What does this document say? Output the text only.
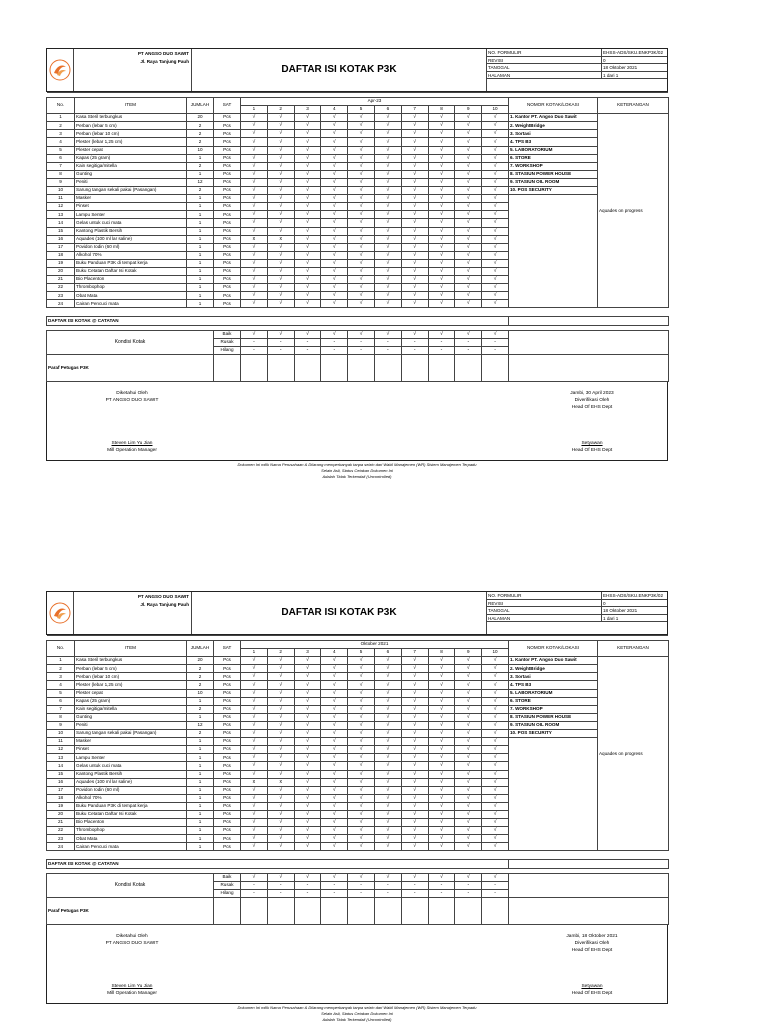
PT ANGSO DUO SAWIT
Jl. Raya Tanjung Pauh
DAFTAR ISI KOTAK P3K
NO. FORMULIR	EHSS-ADS/SKU.ENKP3K/02
REVISI	0
TANGGAL	18 Oktober 2021
HALAMAN	1 dari 1

No.	ITEM	JUMLAH	SAT	Apr-23										NOMOR KOTAK/LOKASI	KETERANGAN
				1	2	3	4	5	6	7	8	9	10		
1	Kasa Steril terbungkus	20	Pcs	√	√	√	√	√	√	√	√	√	√	1. Kantor PT. Angso Duo Sawit	Aquades on progress
2	Perban (lebar 5 cm)	2	Pcs	√	√	√	√	√	√	√	√	√	√	2. WeightBridge	
3	Perban (lebar 10 cm)	2	Pcs	√	√	√	√	√	√	√	√	√	√	3. Sortasi	
4	Plester (lebar 1,25 cm)	2	Pcs	√	√	√	√	√	√	√	√	√	√	4. TPS B3	
5	Plester cepat	10	Pcs	√	√	√	√	√	√	√	√	√	√	5. LABORATORIUM	
6	Kapas (25 gram)	1	Pcs	√	√	√	√	√	√	√	√	√	√	6. STORE	
7	Kain segitiga/mitella	2	Pcs	√	√	√	√	√	√	√	√	√	√	7. WORKSHOP	
8	Gunting	1	Pcs	√	√	√	√	√	√	√	√	√	√	8. STASIUN POWER HOUSE	
9	Peniti	12	Pcs	√	√	√	√	√	√	√	√	√	√	9. STASIUN OIL ROOM	
10	Sarung tangan sekali pakai (Pasangan)	2	Pcs	√	√	√	√	√	√	√	√	√	√	10. POS SECURITY	
11	Masker	1	Pcs	√	√	√	√	√	√	√	√	√	√		
12	Pinset	1	Pcs	√	√	√	√	√	√	√	√	√	√		
13	Lampu Senter	1	Pcs	√	√	√	√	√	√	√	√	√	√		
14	Gelas untuk cuci mata	1	Pcs	√	√	√	√	√	√	√	√	√	√		
15	Kantong Plastik Bersih	1	Pcs	√	√	√	√	√	√	√	√	√	√		
16	Aquades (100 ml lar saline)	1	Pcs	x	x	√	√	√	√	√	√	√	√		
17	Povidon Iodin (60 ml)	1	Pcs	√	√	√	√	√	√	√	√	√	√		
18	Alkohol 70%	1	Pcs	√	√	√	√	√	√	√	√	√	√		
19	Buku Panduan P3K di tempat kerja	1	Pcs	√	√	√	√	√	√	√	√	√	√		
20	Buku Cetatan Daftar Isi Kotak	1	Pcs	√	√	√	√	√	√	√	√	√	√		
21	Bio Placenton	1	Pcs	√	√	√	√	√	√	√	√	√	√		
22	Thrombophop	1	Pcs	√	√	√	√	√	√	√	√	√	√		
23	Obat Mata	1	Pcs	√	√	√	√	√	√	√	√	√	√		
24	Cairan Pencuci mata	1	Pcs	√	√	√	√	√	√	√	√	√	√		

DAFTAR ISI KOTAK @ CATATAN															

Kondisi Kotak			Baik	√	√	√	√	√	√	√	√	√	√		
			Rusak	-	-	-	-	-	-	-	-	-	-		
			Hilang	-	-	-	-	-	-	-	-	-	-		
Paraf Petugas P3K															
Diketahui Oleh
PT ANGSO DUO SAWIT
Steven Lim Yu Jian
Mill Operation Manager
Jambi, 30 April 2023
Diverifikasi Oleh
Head Of EHS Dept
Setyawan
Head Of EHS Dept
Dokumen Ini milik Nama Perusahaan & Dilarang memperbanyak tanpa seizin dari Wakil Manajemen (WR) Sistem Manajemen Terpadu
Selain Asli, Status Cetakan Dokumen Ini
Adalah Tidak Terkendali (Uncontrolled)
PT ANGSO DUO SAWIT
Jl. Raya Tanjung Pauh
DAFTAR ISI KOTAK P3K
NO. FORMULIR	EHSS-ADS/SKU.ENKP3K/02
REVISI	0
TANGGAL	18 Oktober 2021
HALAMAN	1 dari 1

No.	ITEM	JUMLAH	SAT	Oktober 2021										NOMOR KOTAK/LOKASI	KETERANGAN
				1	2	3	4	5	6	7	8	9	10		
1	Kasa Steril terbungkus	20	Pcs	√	√	√	√	√	√	√	√	√	√	1. Kantor PT. Angso Duo Sawit	Aquades on progress
2	Perban (lebar 5 cm)	2	Pcs	√	√	√	√	√	√	√	√	√	√	2. WeightBridge	
3	Perban (lebar 10 cm)	2	Pcs	√	√	√	√	√	√	√	√	√	√	3. Sortasi	
4	Plester (lebar 1,25 cm)	2	Pcs	√	√	√	√	√	√	√	√	√	√	4. TPS B3	
5	Plester cepat	10	Pcs	√	√	√	√	√	√	√	√	√	√	5. LABORATORIUM	
6	Kapas (25 gram)	1	Pcs	√	√	√	√	√	√	√	√	√	√	6. STORE	
7	Kain segitiga/mitella	2	Pcs	√	√	√	√	√	√	√	√	√	√	7. WORKSHOP	
8	Gunting	1	Pcs	√	√	√	√	√	√	√	√	√	√	8. STASIUN POWER HOUSE	
9	Peniti	12	Pcs	√	√	√	√	√	√	√	√	√	√	9. STASIUN OIL ROOM	
10	Sarung tangan sekali pakai (Pasangan)	2	Pcs	√	√	√	√	√	√	√	√	√	√	10. POS SECURITY	
11	Masker	1	Pcs	√	√	√	√	√	√	√	√	√	√		
12	Pinset	1	Pcs	√	√	√	√	√	√	√	√	√	√		
13	Lampu Senter	1	Pcs	√	√	√	√	√	√	√	√	√	√		
14	Gelas untuk cuci mata	1	Pcs	√	√	√	√	√	√	√	√	√	√		
15	Kantong Plastik Bersih	1	Pcs	√	√	√	√	√	√	√	√	√	√		
16	Aquades (100 ml lar saline)	1	Pcs	x	x	√	√	√	√	√	√	√	√		
17	Povidon Iodin (60 ml)	1	Pcs	√	√	√	√	√	√	√	√	√	√		
18	Alkohol 70%	1	Pcs	√	√	√	√	√	√	√	√	√	√		
19	Buku Panduan P3K di tempat kerja	1	Pcs	√	√	√	√	√	√	√	√	√	√		
20	Buku Cetatan Daftar Isi Kotak	1	Pcs	√	√	√	√	√	√	√	√	√	√		
21	Bio Placenton	1	Pcs	√	√	√	√	√	√	√	√	√	√		
22	Thrombophop	1	Pcs	√	√	√	√	√	√	√	√	√	√		
23	Obat Mata	1	Pcs	√	√	√	√	√	√	√	√	√	√		
24	Cairan Pencuci mata	1	Pcs	√	√	√	√	√	√	√	√	√	√		

DAFTAR ISI KOTAK @ CATATAN															

Kondisi Kotak			Baik	√	√	√	√	√	√	√	√	√	√		
			Rusak	-	-	-	-	-	-	-	-	-	-		
			Hilang	-	-	-	-	-	-	-	-	-	-		
Paraf Petugas P3K															
Diketahui Oleh
PT ANGSO DUO SAWIT
Steven Lim Yu Jian
Mill Operation Manager
Jambi, 18 Oktober 2021
Diverifikasi Oleh
Head Of EHS Dept
Setyawan
Head Of EHS Dept
Dokumen Ini milik Nama Perusahaan & Dilarang memperbanyak tanpa seizin dari Wakil Manajemen (WR) Sistem Manajemen Terpadu
Selain Asli, Status Cetakan Dokumen Ini
Adalah Tidak Terkendali (Uncontrolled)
